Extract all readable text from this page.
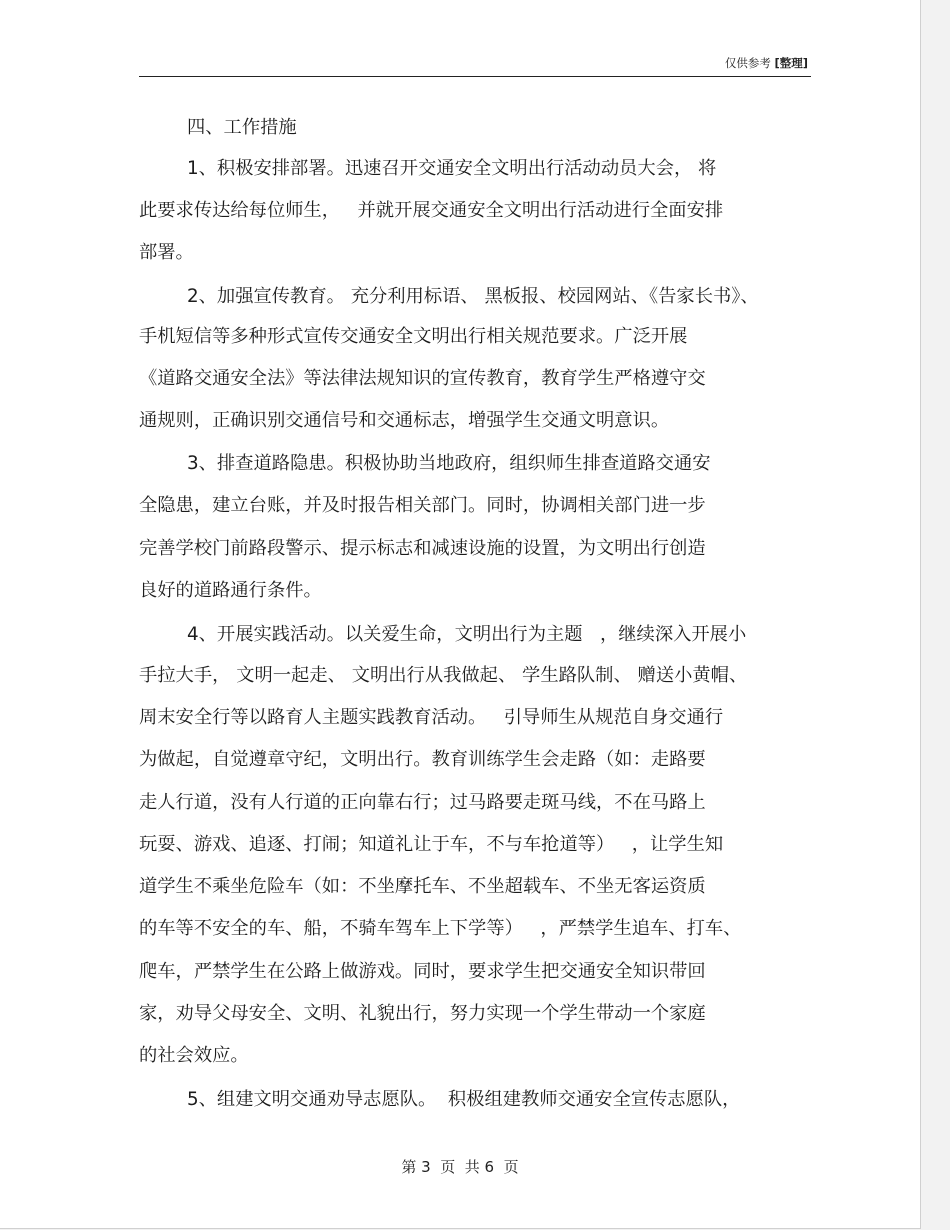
仅供参考 [整理]
四、工作措施
1、积极安排部署。迅速召开交通安全文明出行活动动员大会， 将
此要求传达给每位师生，   并就开展交通安全文明出行活动进行全面安排
部署。
2、加强宣传教育。 充分利用标语、 黑板报、校园网站、《告家长书》、
手机短信等多种形式宣传交通安全文明出行相关规范要求。广泛开展
《道路交通安全法》等法律法规知识的宣传教育，教育学生严格遵守交
通规则，正确识别交通信号和交通标志，增强学生交通文明意识。
3、排查道路隐患。积极协助当地政府，组织师生排查道路交通安
全隐患，建立台账，并及时报告相关部门。同时，协调相关部门进一步
完善学校门前路段警示、提示标志和减速设施的设置，为文明出行创造
良好的道路通行条件。
4、开展实践活动。以关爱生命，文明出行为主题   ，继续深入开展小
手拉大手， 文明一起走、 文明出行从我做起、 学生路队制、 赠送小黄帽、
周末安全行等以路育人主题实践教育活动。   引导师生从规范自身交通行
为做起，自觉遵章守纪，文明出行。教育训练学生会走路（如：走路要
走人行道，没有人行道的正向靠右行；过马路要走斑马线，不在马路上
玩耍、游戏、追逐、打闹；知道礼让于车，不与车抢道等）   ，让学生知
道学生不乘坐危险车（如：不坐摩托车、不坐超载车、不坐无客运资质
的车等不安全的车、船，不骑车驾车上下学等）   ，严禁学生追车、打车、
爬车，严禁学生在公路上做游戏。同时，要求学生把交通安全知识带回
家，劝导父母安全、文明、礼貌出行，努力实现一个学生带动一个家庭
的社会效应。
5、组建文明交通劝导志愿队。  积极组建教师交通安全宣传志愿队，
第 3  页  共 6  页
